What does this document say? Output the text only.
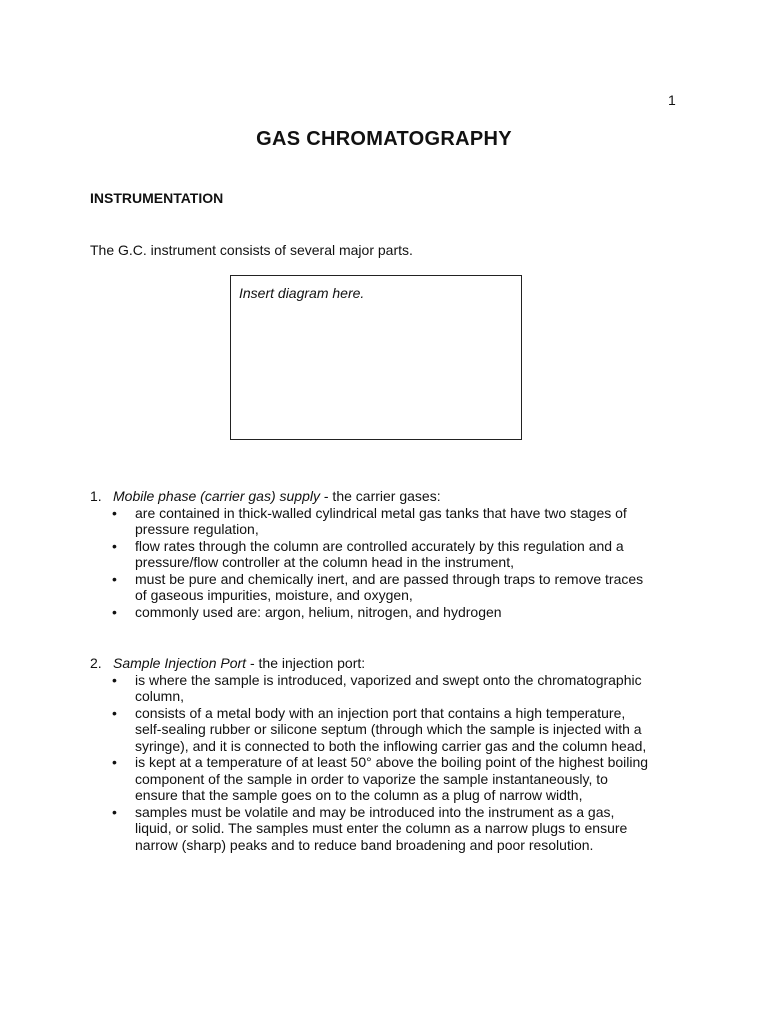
1
GAS CHROMATOGRAPHY
INSTRUMENTATION
The G.C. instrument consists of several major parts.
Insert diagram here.
1. Mobile phase (carrier gas) supply - the carrier gases:
• are contained in thick-walled cylindrical metal gas tanks that have two stages of pressure regulation,
• flow rates through the column are controlled accurately by this regulation and a pressure/flow controller at the column head in the instrument,
• must be pure and chemically inert, and are passed through traps to remove traces of gaseous impurities, moisture, and oxygen,
• commonly used are: argon, helium, nitrogen, and hydrogen
2. Sample Injection Port - the injection port:
• is where the sample is introduced, vaporized and swept onto the chromatographic column,
• consists of a metal body with an injection port that contains a high temperature, self-sealing rubber or silicone septum (through which the sample is injected with a syringe), and it is connected to both the inflowing carrier gas and the column head,
• is kept at a temperature of at least 50° above the boiling point of the highest boiling component of the sample in order to vaporize the sample instantaneously, to ensure that the sample goes on to the column as a plug of narrow width,
• samples must be volatile and may be introduced into the instrument as a gas, liquid, or solid. The samples must enter the column as a narrow plugs to ensure narrow (sharp) peaks and to reduce band broadening and poor resolution.
